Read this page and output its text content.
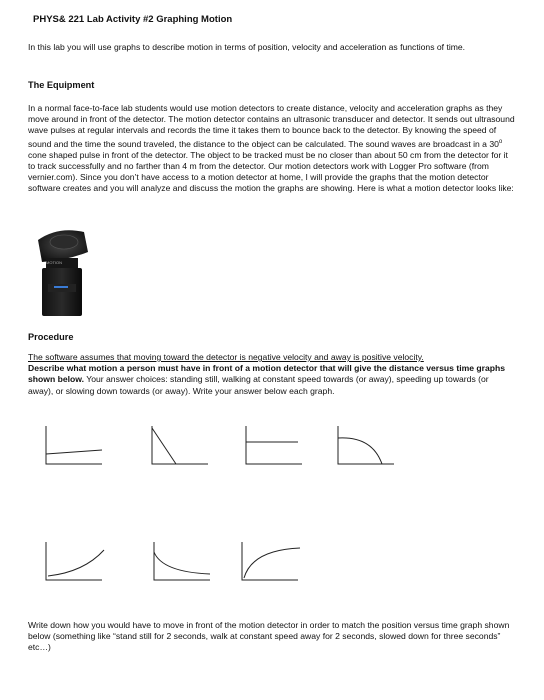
PHYS& 221 Lab Activity #2 Graphing Motion
In this lab you will use graphs to describe motion in terms of position, velocity and acceleration as functions of time.
The Equipment
In a normal face-to-face lab students would use motion detectors to create distance, velocity and acceleration graphs as they move around in front of the detector. The motion detector contains an ultrasonic transducer and detector. It sends out ultrasound wave pulses at regular intervals and records the time it takes them to bounce back to the detector. By knowing the speed of sound and the time the sound traveled, the distance to the object can be calculated. The sound waves are broadcast in a 30$^o$ cone shaped pulse in front of the detector. The object to be tracked must be no closer than about 50 cm from the detector for it to track successfully and no farther than 4 m from the detector. Our motion detectors work with Logger Pro software (from vernier.com). Since you don’t have access to a motion detector at home, I will provide the graphs that the motion detector software creates and you will analyze and discuss the motion the graphs are showing. Here is what a motion detector looks like:
MOTION
Procedure
The software assumes that moving toward the detector is negative velocity and away is positive velocity.
Describe what motion a person must have in front of a motion detector that will give the distance versus time graphs shown below. Your answer choices: standing still, walking at constant speed towards (or away), speeding up towards (or away), or slowing down towards (or away). Write your answer below each graph.
Write down how you would have to move in front of the motion detector in order to match the position versus time graph shown below (something like “stand still for 2 seconds, walk at constant speed away for 2 seconds, slowed down for three seconds” etc…)
